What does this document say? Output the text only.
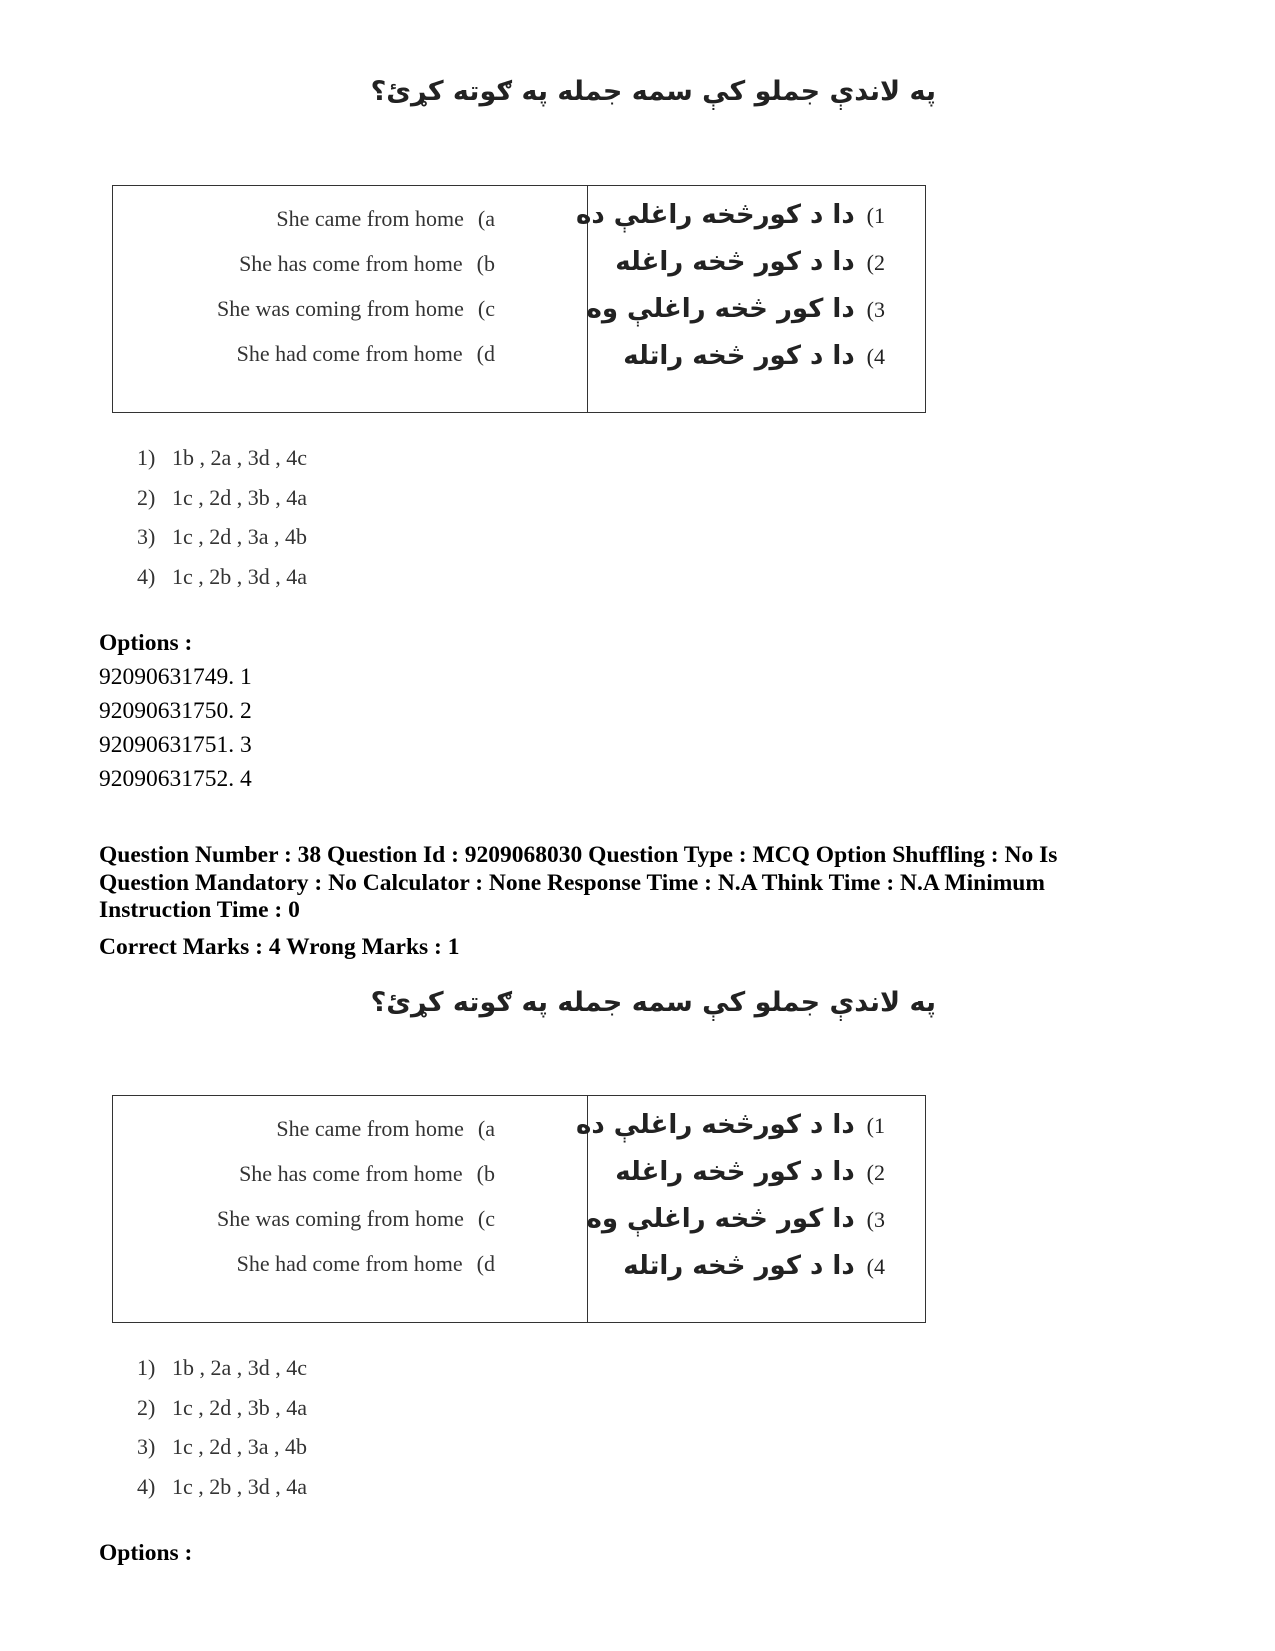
په لاندې جملو کې سمه جمله په ګوته کړئ؟
She came from home (a
She has come from home (b
She was coming from home (c
She had come from home (d
(1دا د کورڅخه راغلې ده
(2دا د کور څخه راغله
(3دا کور څخه راغلې وه
(4دا د کور څخه راتله
1) 1b , 2a , 3d , 4c
2) 1c , 2d , 3b , 4a
3) 1c , 2d , 3a , 4b
4) 1c , 2b , 3d , 4a
Options :
92090631749. 1
92090631750. 2
92090631751. 3
92090631752. 4
Question Number : 38 Question Id : 9209068030 Question Type : MCQ Option Shuffling : No Is Question Mandatory : No Calculator : None Response Time : N.A Think Time : N.A Minimum Instruction Time : 0
Correct Marks : 4 Wrong Marks : 1
په لاندې جملو کې سمه جمله په ګوته کړئ؟
She came from home (a
She has come from home (b
She was coming from home (c
She had come from home (d
(1دا د کورڅخه راغلې ده
(2دا د کور څخه راغله
(3دا کور څخه راغلې وه
(4دا د کور څخه راتله
1) 1b , 2a , 3d , 4c
2) 1c , 2d , 3b , 4a
3) 1c , 2d , 3a , 4b
4) 1c , 2b , 3d , 4a
Options :
